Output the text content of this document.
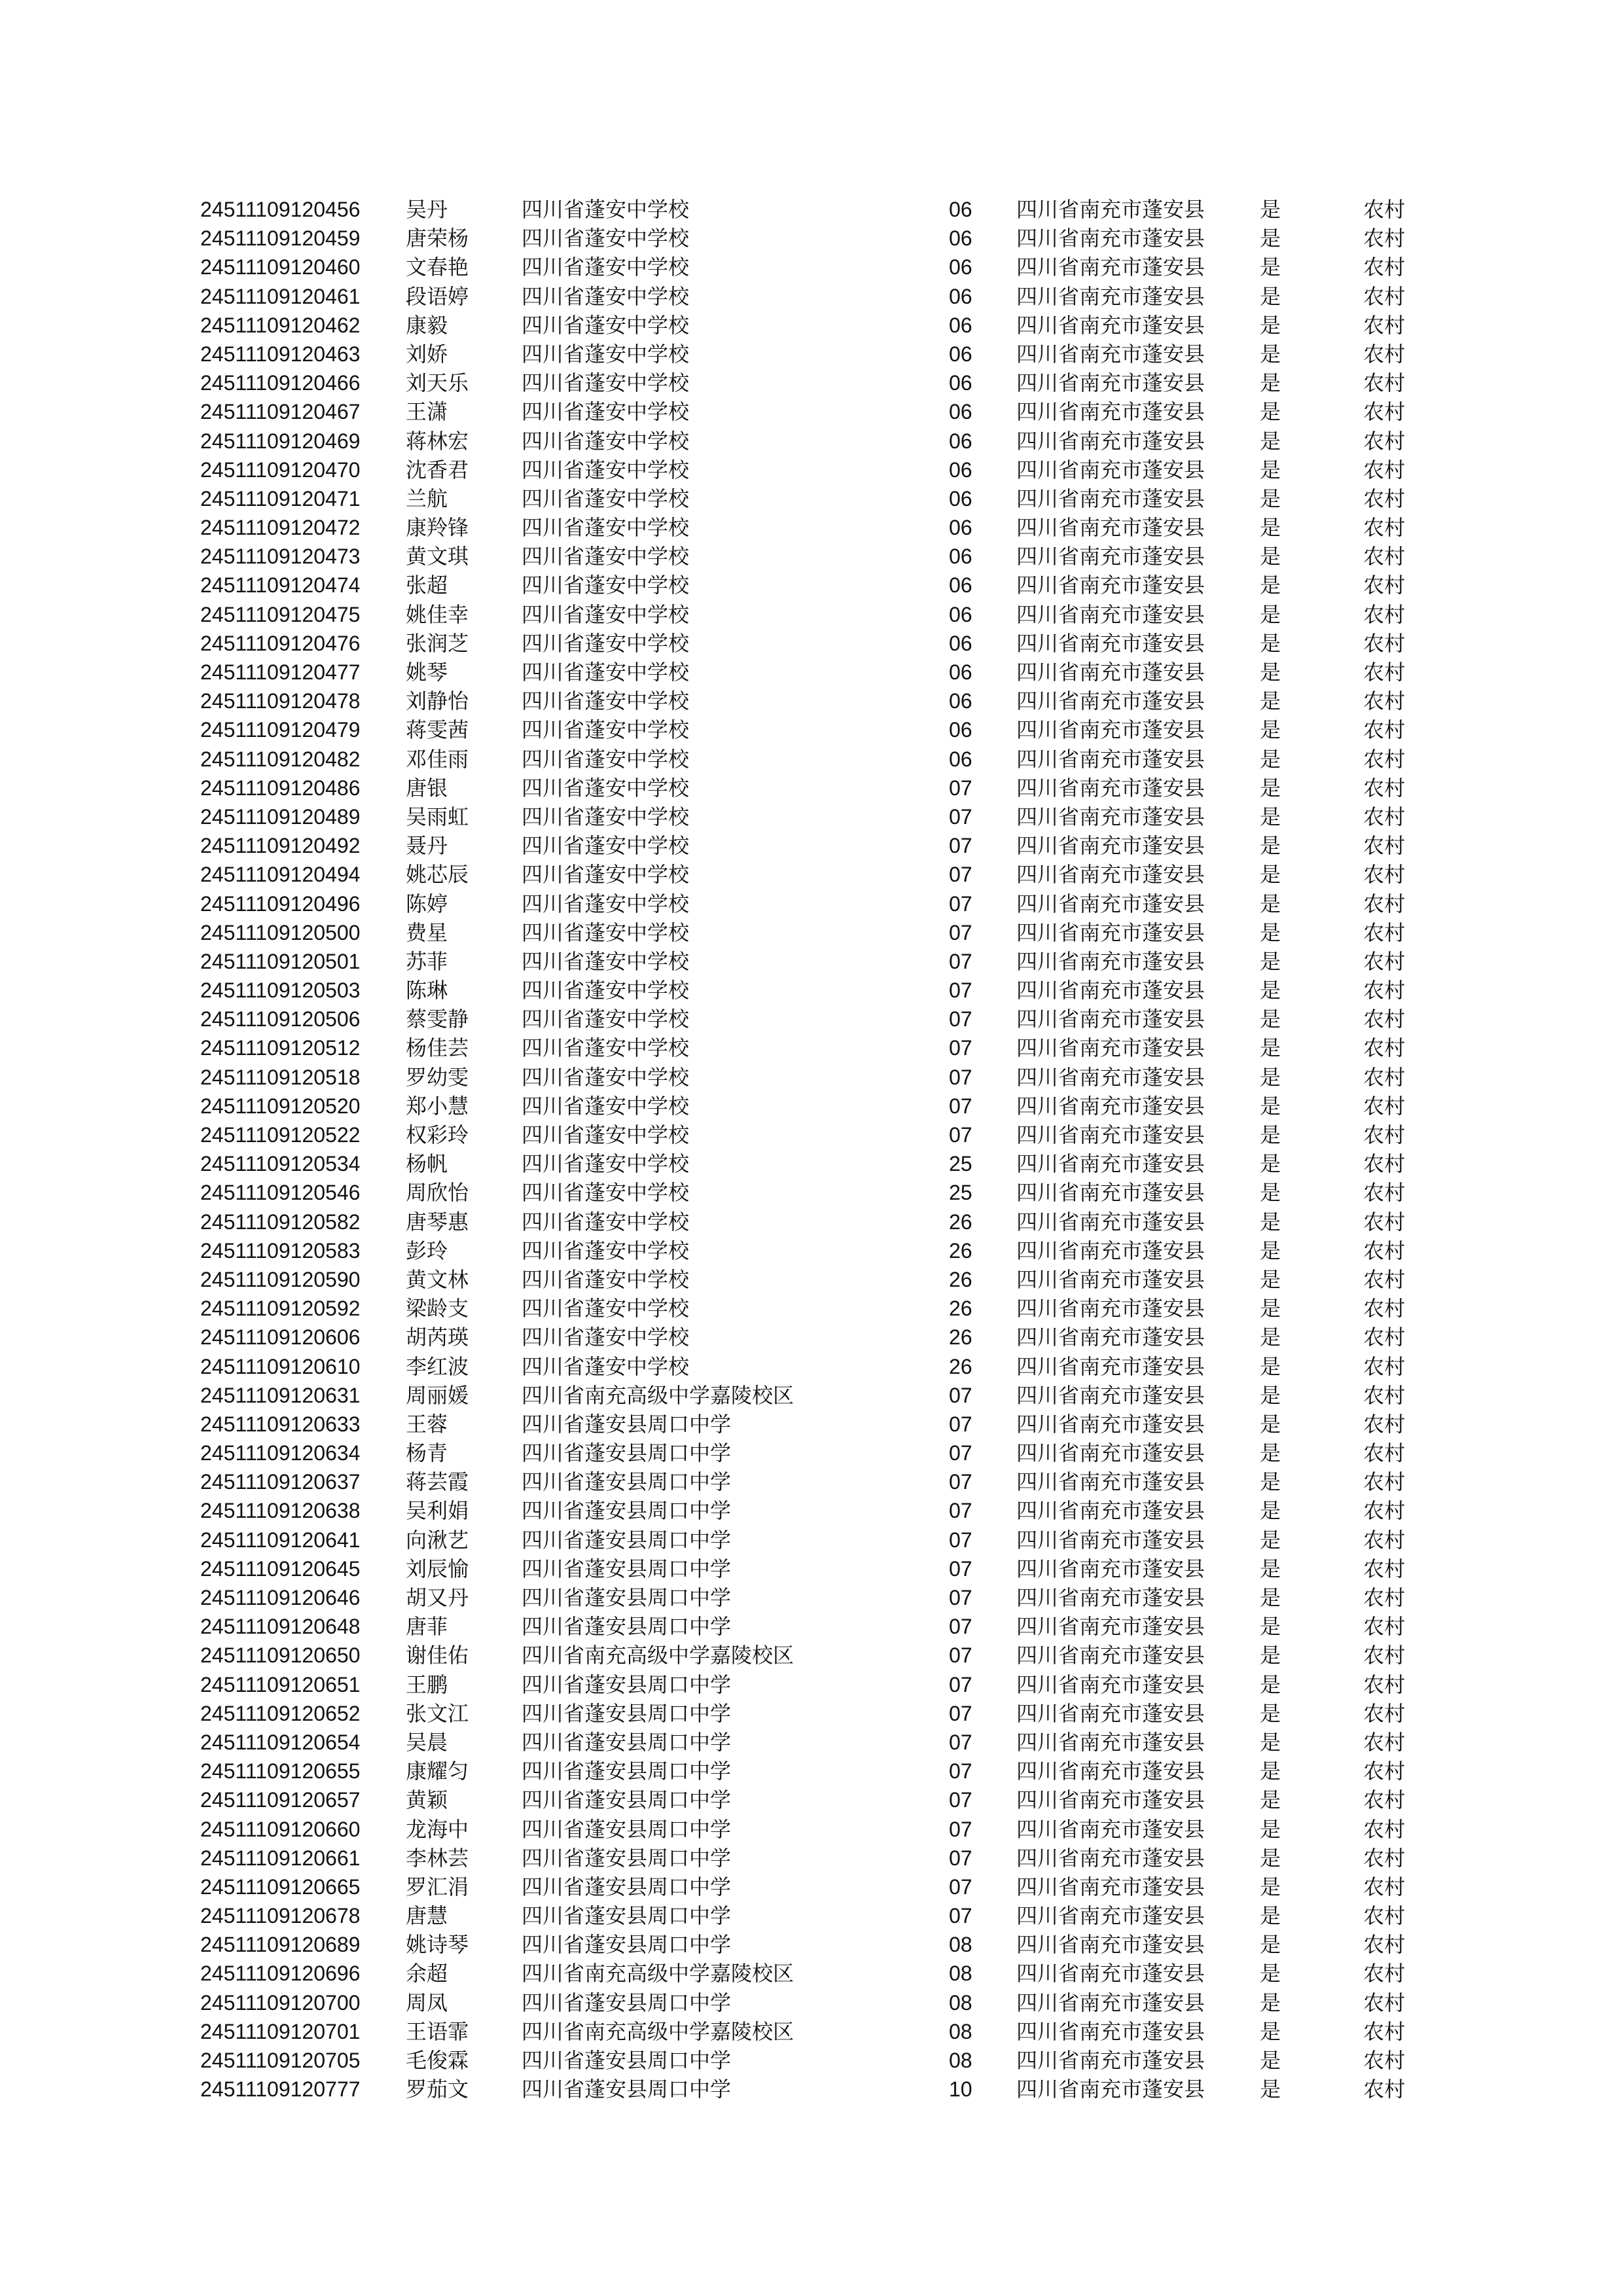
24511109120456 吴丹	四川省蓬安中学校	06 四川省南充市蓬安县	是	农村
24511109120459 唐荣杨	四川省蓬安中学校	06 四川省南充市蓬安县	是	农村
24511109120460 文春艳	四川省蓬安中学校	06 四川省南充市蓬安县	是	农村
24511109120461 段语婷	四川省蓬安中学校	06 四川省南充市蓬安县	是	农村
24511109120462 康毅	四川省蓬安中学校	06 四川省南充市蓬安县	是	农村
24511109120463 刘娇	四川省蓬安中学校	06 四川省南充市蓬安县	是	农村
24511109120466 刘天乐	四川省蓬安中学校	06 四川省南充市蓬安县	是	农村
24511109120467 王潇	四川省蓬安中学校	06 四川省南充市蓬安县	是	农村
24511109120469 蒋林宏	四川省蓬安中学校	06 四川省南充市蓬安县	是	农村
24511109120470 沈香君	四川省蓬安中学校	06 四川省南充市蓬安县	是	农村
24511109120471 兰航	四川省蓬安中学校	06 四川省南充市蓬安县	是	农村
24511109120472 康羚锋	四川省蓬安中学校	06 四川省南充市蓬安县	是	农村
24511109120473 黄文琪	四川省蓬安中学校	06 四川省南充市蓬安县	是	农村
24511109120474 张超	四川省蓬安中学校	06 四川省南充市蓬安县	是	农村
24511109120475 姚佳幸	四川省蓬安中学校	06 四川省南充市蓬安县	是	农村
24511109120476 张润芝	四川省蓬安中学校	06 四川省南充市蓬安县	是	农村
24511109120477 姚琴	四川省蓬安中学校	06 四川省南充市蓬安县	是	农村
24511109120478 刘静怡	四川省蓬安中学校	06 四川省南充市蓬安县	是	农村
24511109120479 蒋雯茜	四川省蓬安中学校	06 四川省南充市蓬安县	是	农村
24511109120482 邓佳雨	四川省蓬安中学校	06 四川省南充市蓬安县	是	农村
24511109120486 唐银	四川省蓬安中学校	07 四川省南充市蓬安县	是	农村
24511109120489 吴雨虹	四川省蓬安中学校	07 四川省南充市蓬安县	是	农村
24511109120492 聂丹	四川省蓬安中学校	07 四川省南充市蓬安县	是	农村
24511109120494 姚芯辰	四川省蓬安中学校	07 四川省南充市蓬安县	是	农村
24511109120496 陈婷	四川省蓬安中学校	07 四川省南充市蓬安县	是	农村
24511109120500 费星	四川省蓬安中学校	07 四川省南充市蓬安县	是	农村
24511109120501 苏菲	四川省蓬安中学校	07 四川省南充市蓬安县	是	农村
24511109120503 陈琳	四川省蓬安中学校	07 四川省南充市蓬安县	是	农村
24511109120506 蔡雯静	四川省蓬安中学校	07 四川省南充市蓬安县	是	农村
24511109120512 杨佳芸	四川省蓬安中学校	07 四川省南充市蓬安县	是	农村
24511109120518 罗幼雯	四川省蓬安中学校	07 四川省南充市蓬安县	是	农村
24511109120520 郑小慧	四川省蓬安中学校	07 四川省南充市蓬安县	是	农村
24511109120522 权彩玲	四川省蓬安中学校	07 四川省南充市蓬安县	是	农村
24511109120534 杨帆	四川省蓬安中学校	25 四川省南充市蓬安县	是	农村
24511109120546 周欣怡	四川省蓬安中学校	25 四川省南充市蓬安县	是	农村
24511109120582 唐琴惠	四川省蓬安中学校	26 四川省南充市蓬安县	是	农村
24511109120583 彭玲	四川省蓬安中学校	26 四川省南充市蓬安县	是	农村
24511109120590 黄文林	四川省蓬安中学校	26 四川省南充市蓬安县	是	农村
24511109120592 梁龄支	四川省蓬安中学校	26 四川省南充市蓬安县	是	农村
24511109120606 胡芮瑛	四川省蓬安中学校	26 四川省南充市蓬安县	是	农村
24511109120610 李红波	四川省蓬安中学校	26 四川省南充市蓬安县	是	农村
24511109120631 周丽媛	四川省南充高级中学嘉陵校区	07 四川省南充市蓬安县	是	农村
24511109120633 王蓉	四川省蓬安县周口中学	07 四川省南充市蓬安县	是	农村
24511109120634 杨青	四川省蓬安县周口中学	07 四川省南充市蓬安县	是	农村
24511109120637 蒋芸霞	四川省蓬安县周口中学	07 四川省南充市蓬安县	是	农村
24511109120638 吴利娟	四川省蓬安县周口中学	07 四川省南充市蓬安县	是	农村
24511109120641 向湫艺	四川省蓬安县周口中学	07 四川省南充市蓬安县	是	农村
24511109120645 刘辰愉	四川省蓬安县周口中学	07 四川省南充市蓬安县	是	农村
24511109120646 胡又丹	四川省蓬安县周口中学	07 四川省南充市蓬安县	是	农村
24511109120648 唐菲	四川省蓬安县周口中学	07 四川省南充市蓬安县	是	农村
24511109120650 谢佳佑	四川省南充高级中学嘉陵校区	07 四川省南充市蓬安县	是	农村
24511109120651 王鹏	四川省蓬安县周口中学	07 四川省南充市蓬安县	是	农村
24511109120652 张文江	四川省蓬安县周口中学	07 四川省南充市蓬安县	是	农村
24511109120654 吴晨	四川省蓬安县周口中学	07 四川省南充市蓬安县	是	农村
24511109120655 康耀匀	四川省蓬安县周口中学	07 四川省南充市蓬安县	是	农村
24511109120657 黄颖	四川省蓬安县周口中学	07 四川省南充市蓬安县	是	农村
24511109120660 龙海中	四川省蓬安县周口中学	07 四川省南充市蓬安县	是	农村
24511109120661 李林芸	四川省蓬安县周口中学	07 四川省南充市蓬安县	是	农村
24511109120665 罗汇涓	四川省蓬安县周口中学	07 四川省南充市蓬安县	是	农村
24511109120678 唐慧	四川省蓬安县周口中学	07 四川省南充市蓬安县	是	农村
24511109120689 姚诗琴	四川省蓬安县周口中学	08 四川省南充市蓬安县	是	农村
24511109120696 余超	四川省南充高级中学嘉陵校区	08 四川省南充市蓬安县	是	农村
24511109120700 周凤	四川省蓬安县周口中学	08 四川省南充市蓬安县	是	农村
24511109120701 王语霏	四川省南充高级中学嘉陵校区	08 四川省南充市蓬安县	是	农村
24511109120705 毛俊霖	四川省蓬安县周口中学	08 四川省南充市蓬安县	是	农村
24511109120777 罗茄文	四川省蓬安县周口中学	10 四川省南充市蓬安县	是	农村
